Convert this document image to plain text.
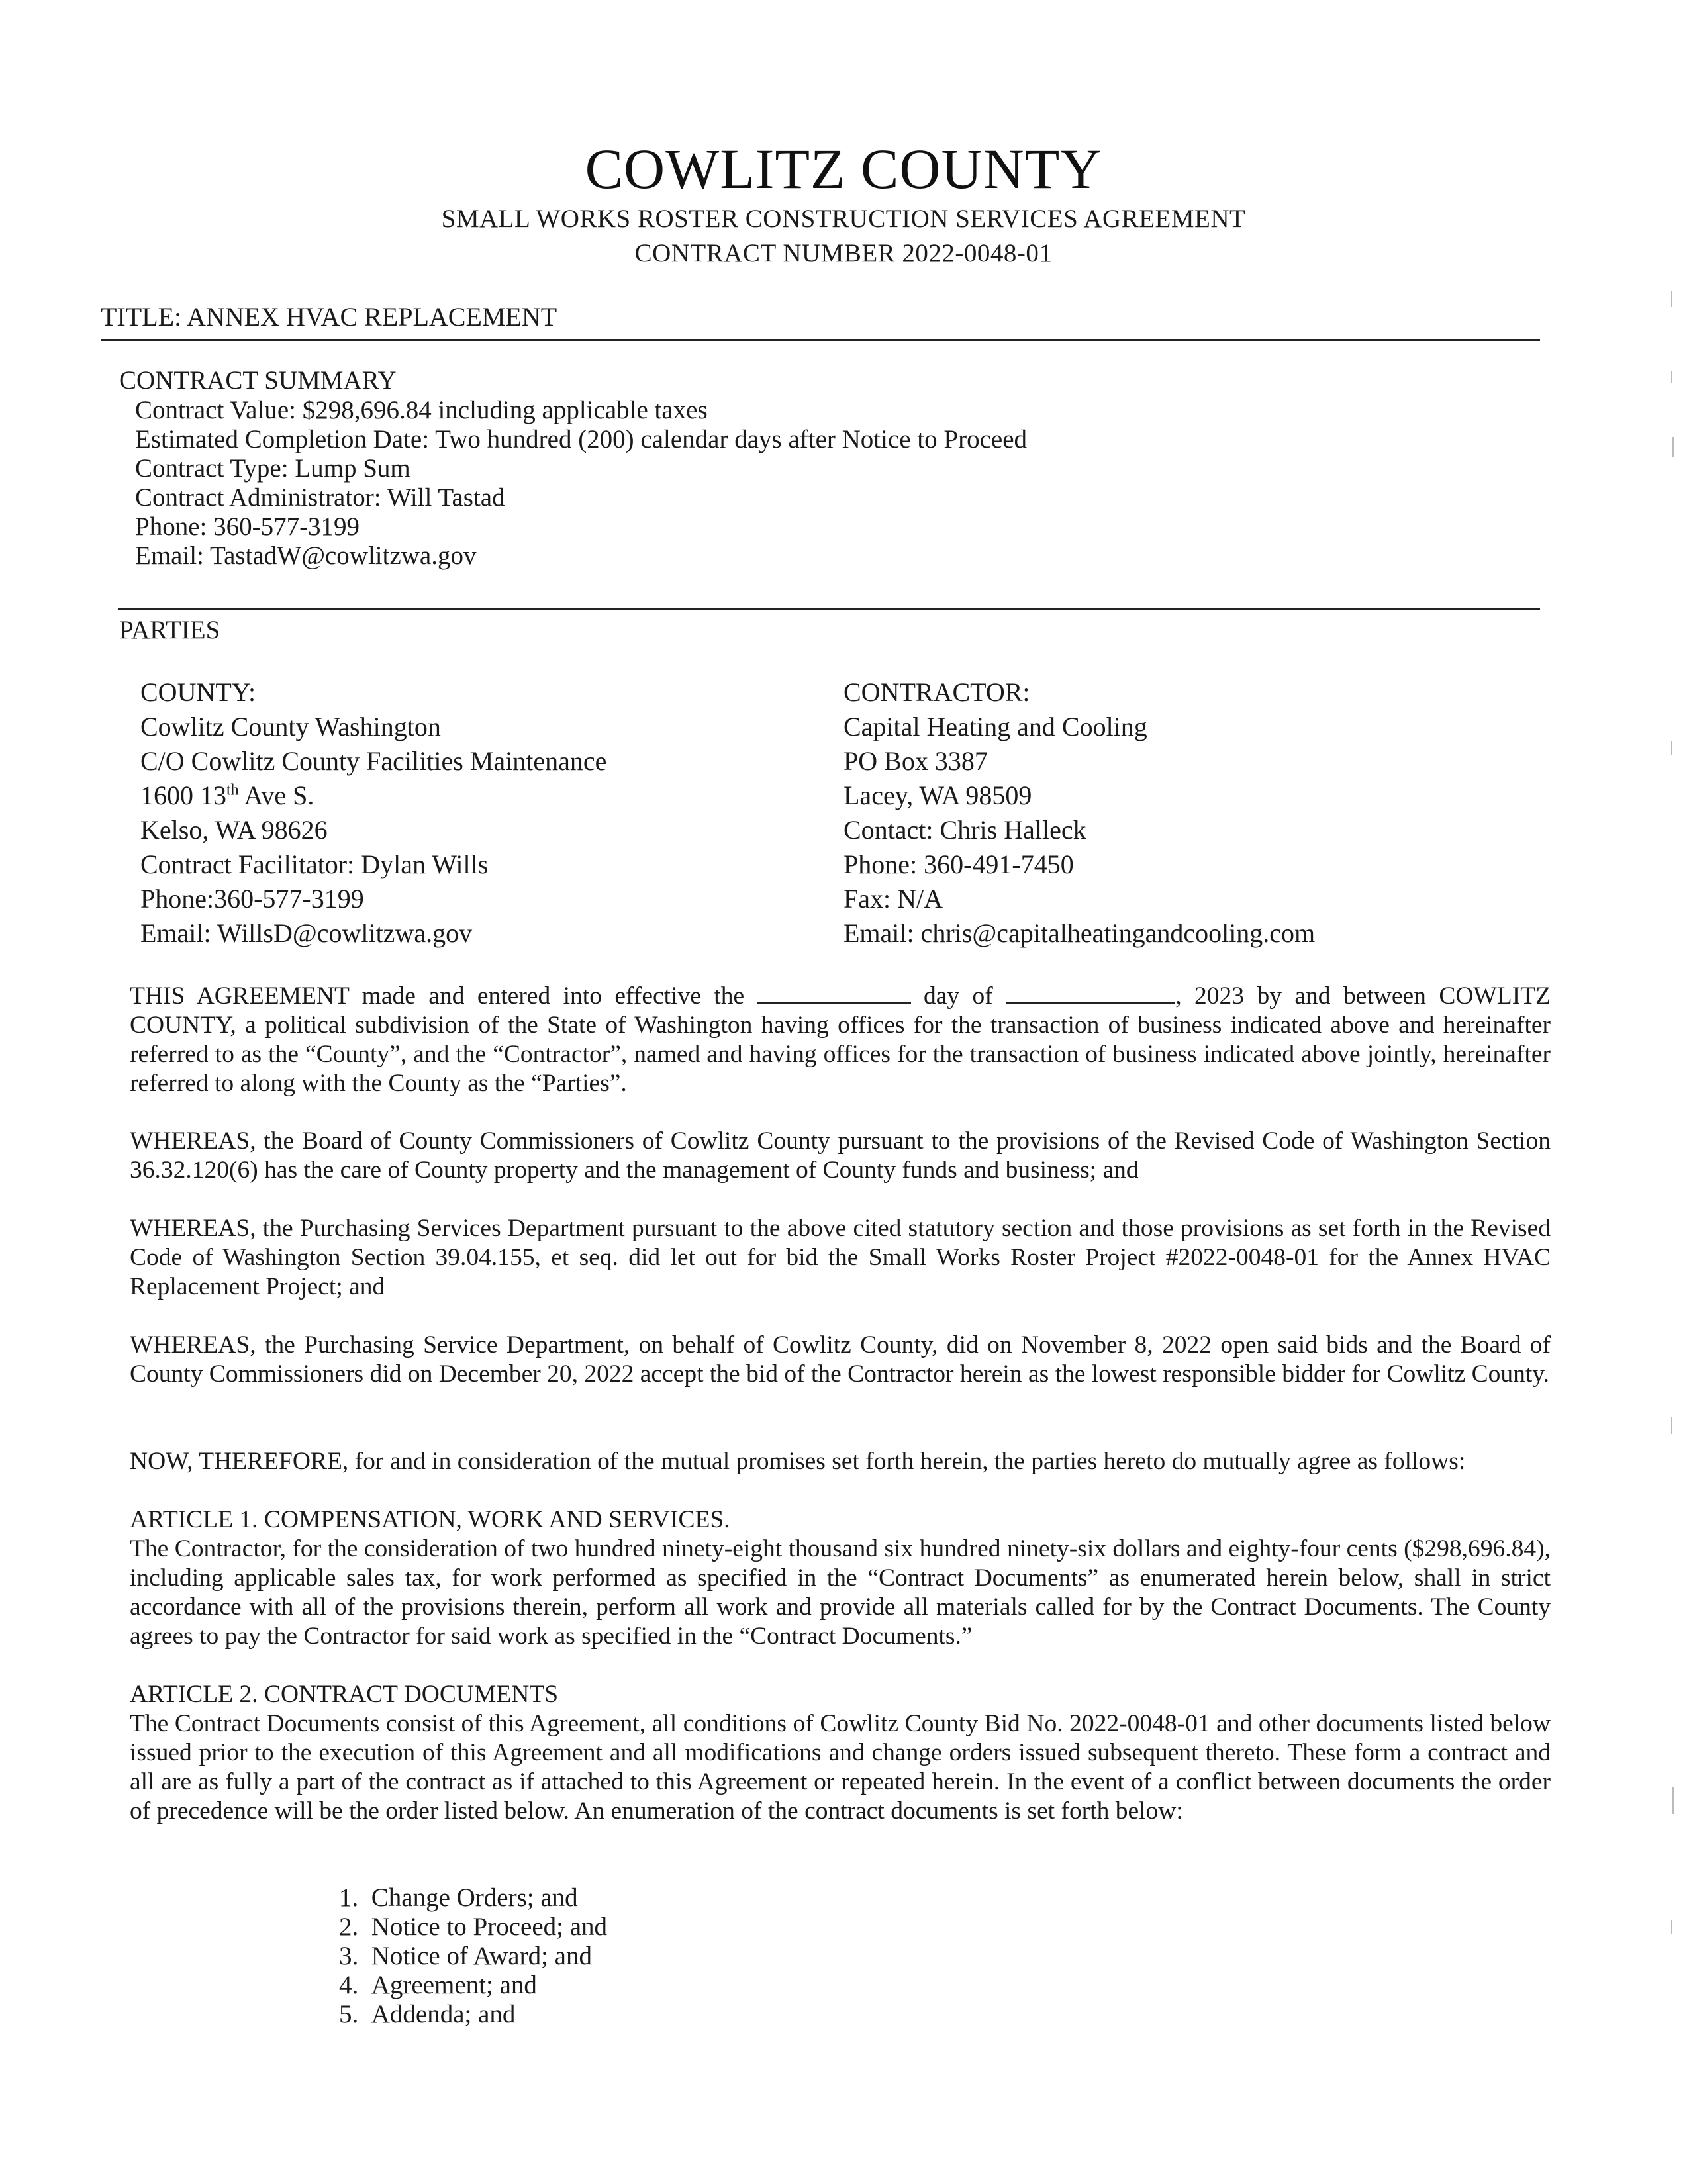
COWLITZ COUNTY
SMALL WORKS ROSTER CONSTRUCTION SERVICES AGREEMENT
CONTRACT NUMBER 2022-0048-01
TITLE: ANNEX HVAC REPLACEMENT
CONTRACT SUMMARY
Contract Value: $298,696.84 including applicable taxes
Estimated Completion Date: Two hundred (200) calendar days after Notice to Proceed
Contract Type: Lump Sum
Contract Administrator: Will Tastad
Phone: 360-577-3199
Email: TastadW@cowlitzwa.gov
PARTIES
COUNTY:
Cowlitz County Washington
C/O Cowlitz County Facilities Maintenance
1600 13th Ave S.
Kelso, WA 98626
Contract Facilitator: Dylan Wills
Phone:360-577-3199
Email: WillsD@cowlitzwa.gov
CONTRACTOR:
Capital Heating and Cooling
PO Box 3387
Lacey, WA 98509
Contact: Chris Halleck
Phone: 360-491-7450
Fax: N/A
Email: chris@capitalheatingandcooling.com
THIS AGREEMENT made and entered into effective the	day of	, 2023 by and between COWLITZ COUNTY, a political subdivision of the State of Washington having offices for the transaction of business indicated above and hereinafter referred to as the “County”, and the “Contractor”, named and having offices for the transaction of business indicated above jointly, hereinafter referred to along with the County as the “Parties”.
WHEREAS, the Board of County Commissioners of Cowlitz County pursuant to the provisions of the Revised Code of Washington Section 36.32.120(6) has the care of County property and the management of County funds and business; and
WHEREAS, the Purchasing Services Department pursuant to the above cited statutory section and those provisions as set forth in the Revised Code of Washington Section 39.04.155, et seq. did let out for bid the Small Works Roster Project #2022-0048-01 for the Annex HVAC Replacement Project; and
WHEREAS, the Purchasing Service Department, on behalf of Cowlitz County, did on November 8, 2022 open said bids and the Board of County Commissioners did on December 20, 2022 accept the bid of the Contractor herein as the lowest responsible bidder for Cowlitz County.
NOW, THEREFORE, for and in consideration of the mutual promises set forth herein, the parties hereto do mutually agree as follows:
ARTICLE 1. COMPENSATION, WORK AND SERVICES.
The Contractor, for the consideration of two hundred ninety-eight thousand six hundred ninety-six dollars and eighty-four cents ($298,696.84), including applicable sales tax, for work performed as specified in the “Contract Documents” as enumerated herein below, shall in strict accordance with all of the provisions therein, perform all work and provide all materials called for by the Contract Documents. The County agrees to pay the Contractor for said work as specified in the “Contract Documents.”
ARTICLE 2. CONTRACT DOCUMENTS
The Contract Documents consist of this Agreement, all conditions of Cowlitz County Bid No. 2022-0048-01 and other documents listed below issued prior to the execution of this Agreement and all modifications and change orders issued subsequent thereto. These form a contract and all are as fully a part of the contract as if attached to this Agreement or repeated herein. In the event of a conflict between documents the order of precedence will be the order listed below. An enumeration of the contract documents is set forth below:
1. Change Orders; and
2. Notice to Proceed; and
3. Notice of Award; and
4. Agreement; and
5. Addenda; and
